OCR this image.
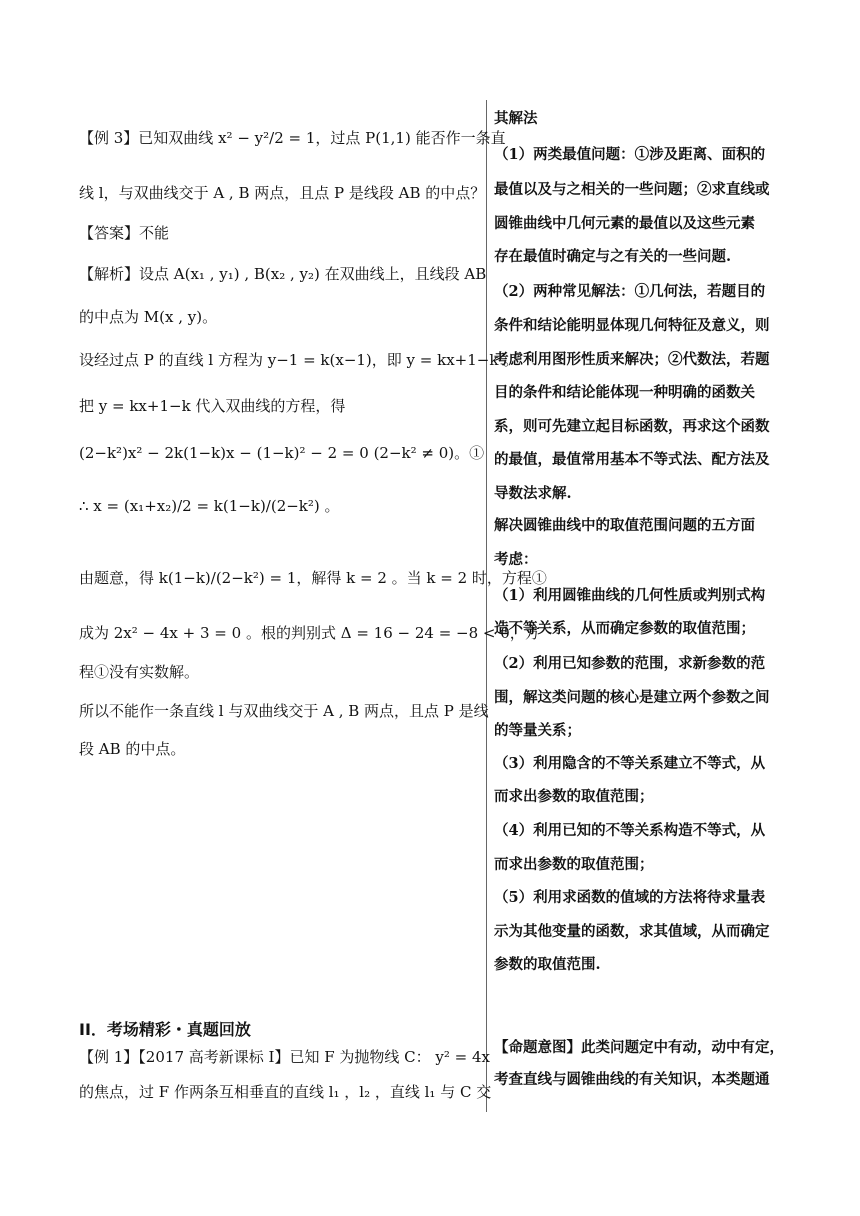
【例 3】已知双曲线 x² − y²/2 = 1，过点 P(1,1) 能否作一条直
线 l，与双曲线交于 A , B 两点，且点 P 是线段 AB 的中点？
【答案】不能
【解析】设点 A(x₁ , y₁) , B(x₂ , y₂) 在双曲线上，且线段 AB
的中点为 M(x , y)。
设经过点 P 的直线 l 方程为 y−1 = k(x−1)，即 y = kx+1−k 。
把 y = kx+1−k 代入双曲线的方程，得
(2−k²)x² − 2k(1−k)x − (1−k)² − 2 = 0 (2−k² ≠ 0)。①
∴ x = (x₁+x₂)/2 = k(1−k)/(2−k²) 。
由题意，得 k(1−k)/(2−k²) = 1，解得 k = 2 。当 k = 2 时，方程①
成为 2x² − 4x + 3 = 0 。根的判别式 Δ = 16 − 24 = −8 < 0，方
程①没有实数解。
所以不能作一条直线 l 与双曲线交于 A , B 两点，且点 P 是线
段 AB 的中点。
【例 1】【2017 高考新课标 I】已知 F 为抛物线 C： y² = 4x
的焦点，过 F 作两条互相垂直的直线 l₁ ，l₂ ，直线 l₁ 与 C 交
II．考场精彩・真题回放
其解法
（1）两类最值问题：①涉及距离、面积的
最值以及与之相关的一些问题；②求直线或
圆锥曲线中几何元素的最值以及这些元素
存在最值时确定与之有关的一些问题.
（2）两种常见解法：①几何法，若题目的
条件和结论能明显体现几何特征及意义，则
考虑利用图形性质来解决；②代数法，若题
目的条件和结论能体现一种明确的函数关
系，则可先建立起目标函数，再求这个函数
的最值，最值常用基本不等式法、配方法及
导数法求解.
解决圆锥曲线中的取值范围问题的五方面
考虑：
（1）利用圆锥曲线的几何性质或判别式构
造不等关系，从而确定参数的取值范围；
（2）利用已知参数的范围，求新参数的范
围，解这类问题的核心是建立两个参数之间
的等量关系；
（3）利用隐含的不等关系建立不等式，从
而求出参数的取值范围；
（4）利用已知的不等关系构造不等式，从
而求出参数的取值范围；
（5）利用求函数的值域的方法将待求量表
示为其他变量的函数，求其值域，从而确定
参数的取值范围.
【命题意图】此类问题定中有动，动中有定，
考查直线与圆锥曲线的有关知识，本类题通
